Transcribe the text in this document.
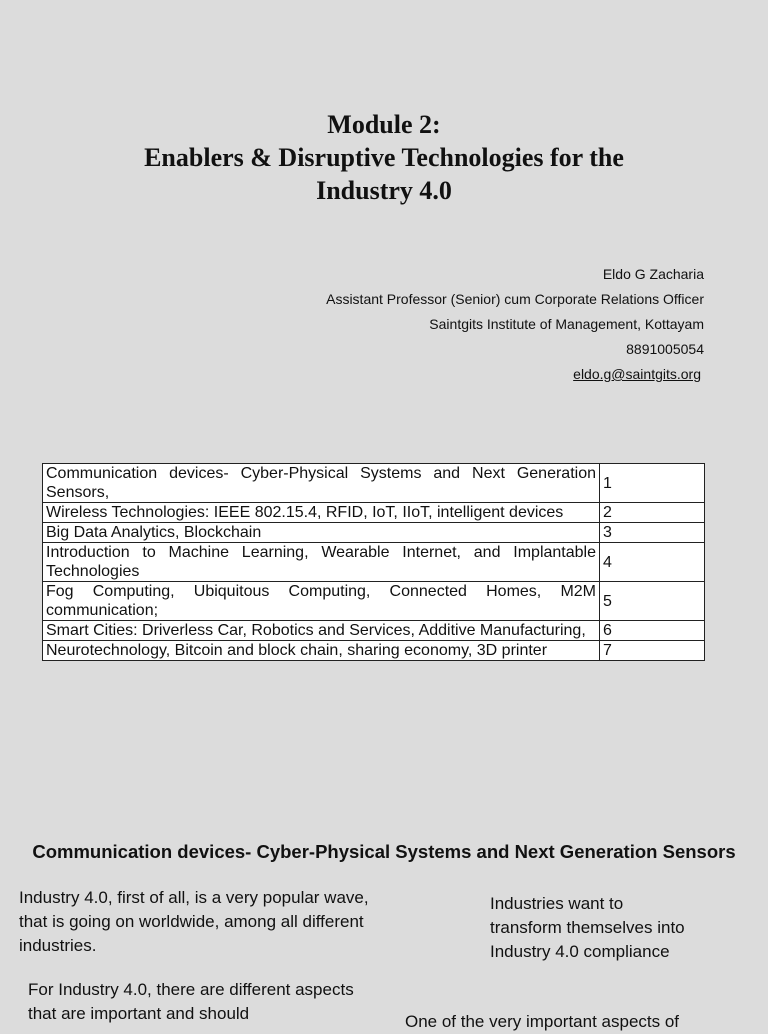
Module 2:
Enablers & Disruptive Technologies for the
Industry 4.0
Eldo G Zacharia
Assistant Professor (Senior) cum Corporate Relations Officer
Saintgits Institute of Management, Kottayam
8891005054
eldo.g@saintgits.org
Communication devices- Cyber-Physical Systems and Next Generation Sensors,	1
Wireless Technologies: IEEE 802.15.4, RFID, IoT, IIoT, intelligent devices	2
Big Data Analytics, Blockchain	3
Introduction to Machine Learning, Wearable Internet, and Implantable Technologies	4
Fog Computing, Ubiquitous Computing, Connected Homes, M2M communication;	5
Smart Cities: Driverless Car, Robotics and Services, Additive Manufacturing,	6
Neurotechnology, Bitcoin and block chain, sharing economy, 3D printer	7
Communication devices- Cyber-Physical Systems and Next Generation Sensors

Industry 4.0, first of all, is a very popular wave, that is going on worldwide, among all different industries.

For Industry 4.0, there are different aspects that are important and should

Industries want to transform themselves into Industry 4.0 compliance

One of the very important aspects of
